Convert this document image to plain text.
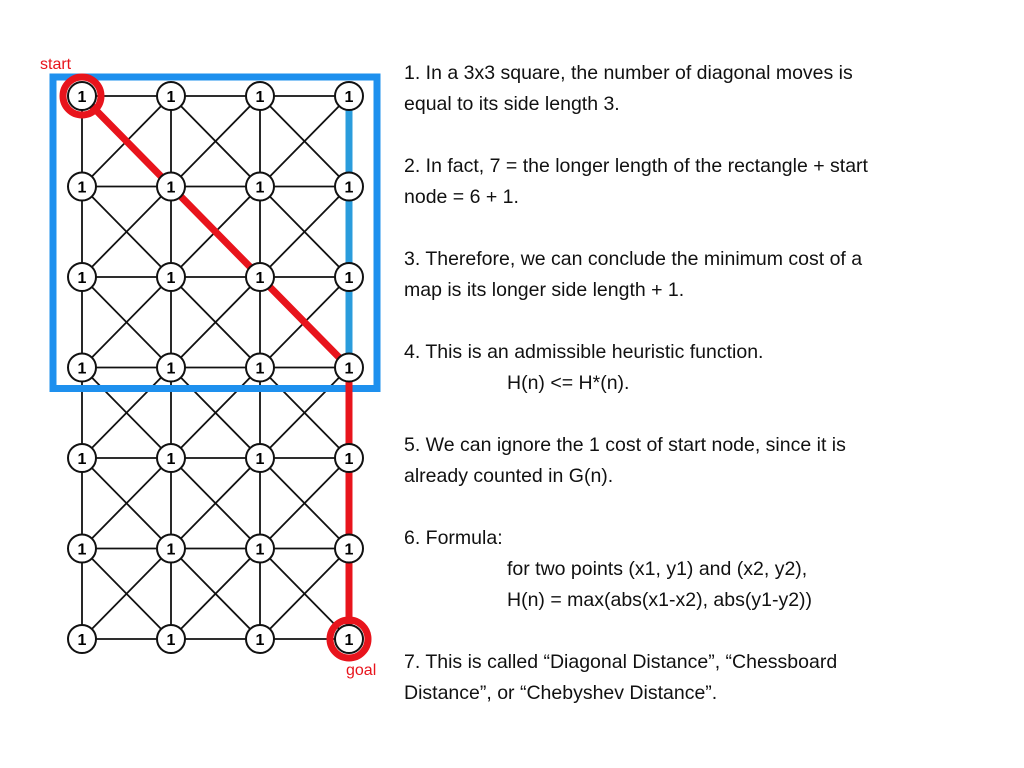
1	1	1	1
1	1	1	1
1	1	1	1
1	1	1	1
1	1	1	1
1	1	1	1
1	1	1	1
start
goal
1. In a 3x3 square, the number of diagonal moves is
equal to its side length 3.
2. In fact, 7 = the longer length of the rectangle + start
node = 6 + 1.
3. Therefore, we can conclude the minimum cost of a
map is its longer side length + 1.
4. This is an admissible heuristic function.
H(n) <= H*(n).
5. We can ignore the 1 cost of start node, since it is
already counted in G(n).
6. Formula:
for two points (x1, y1) and (x2, y2),
H(n) = max(abs(x1-x2), abs(y1-y2))
7. This is called “Diagonal Distance”, “Chessboard
Distance”, or “Chebyshev Distance”.
